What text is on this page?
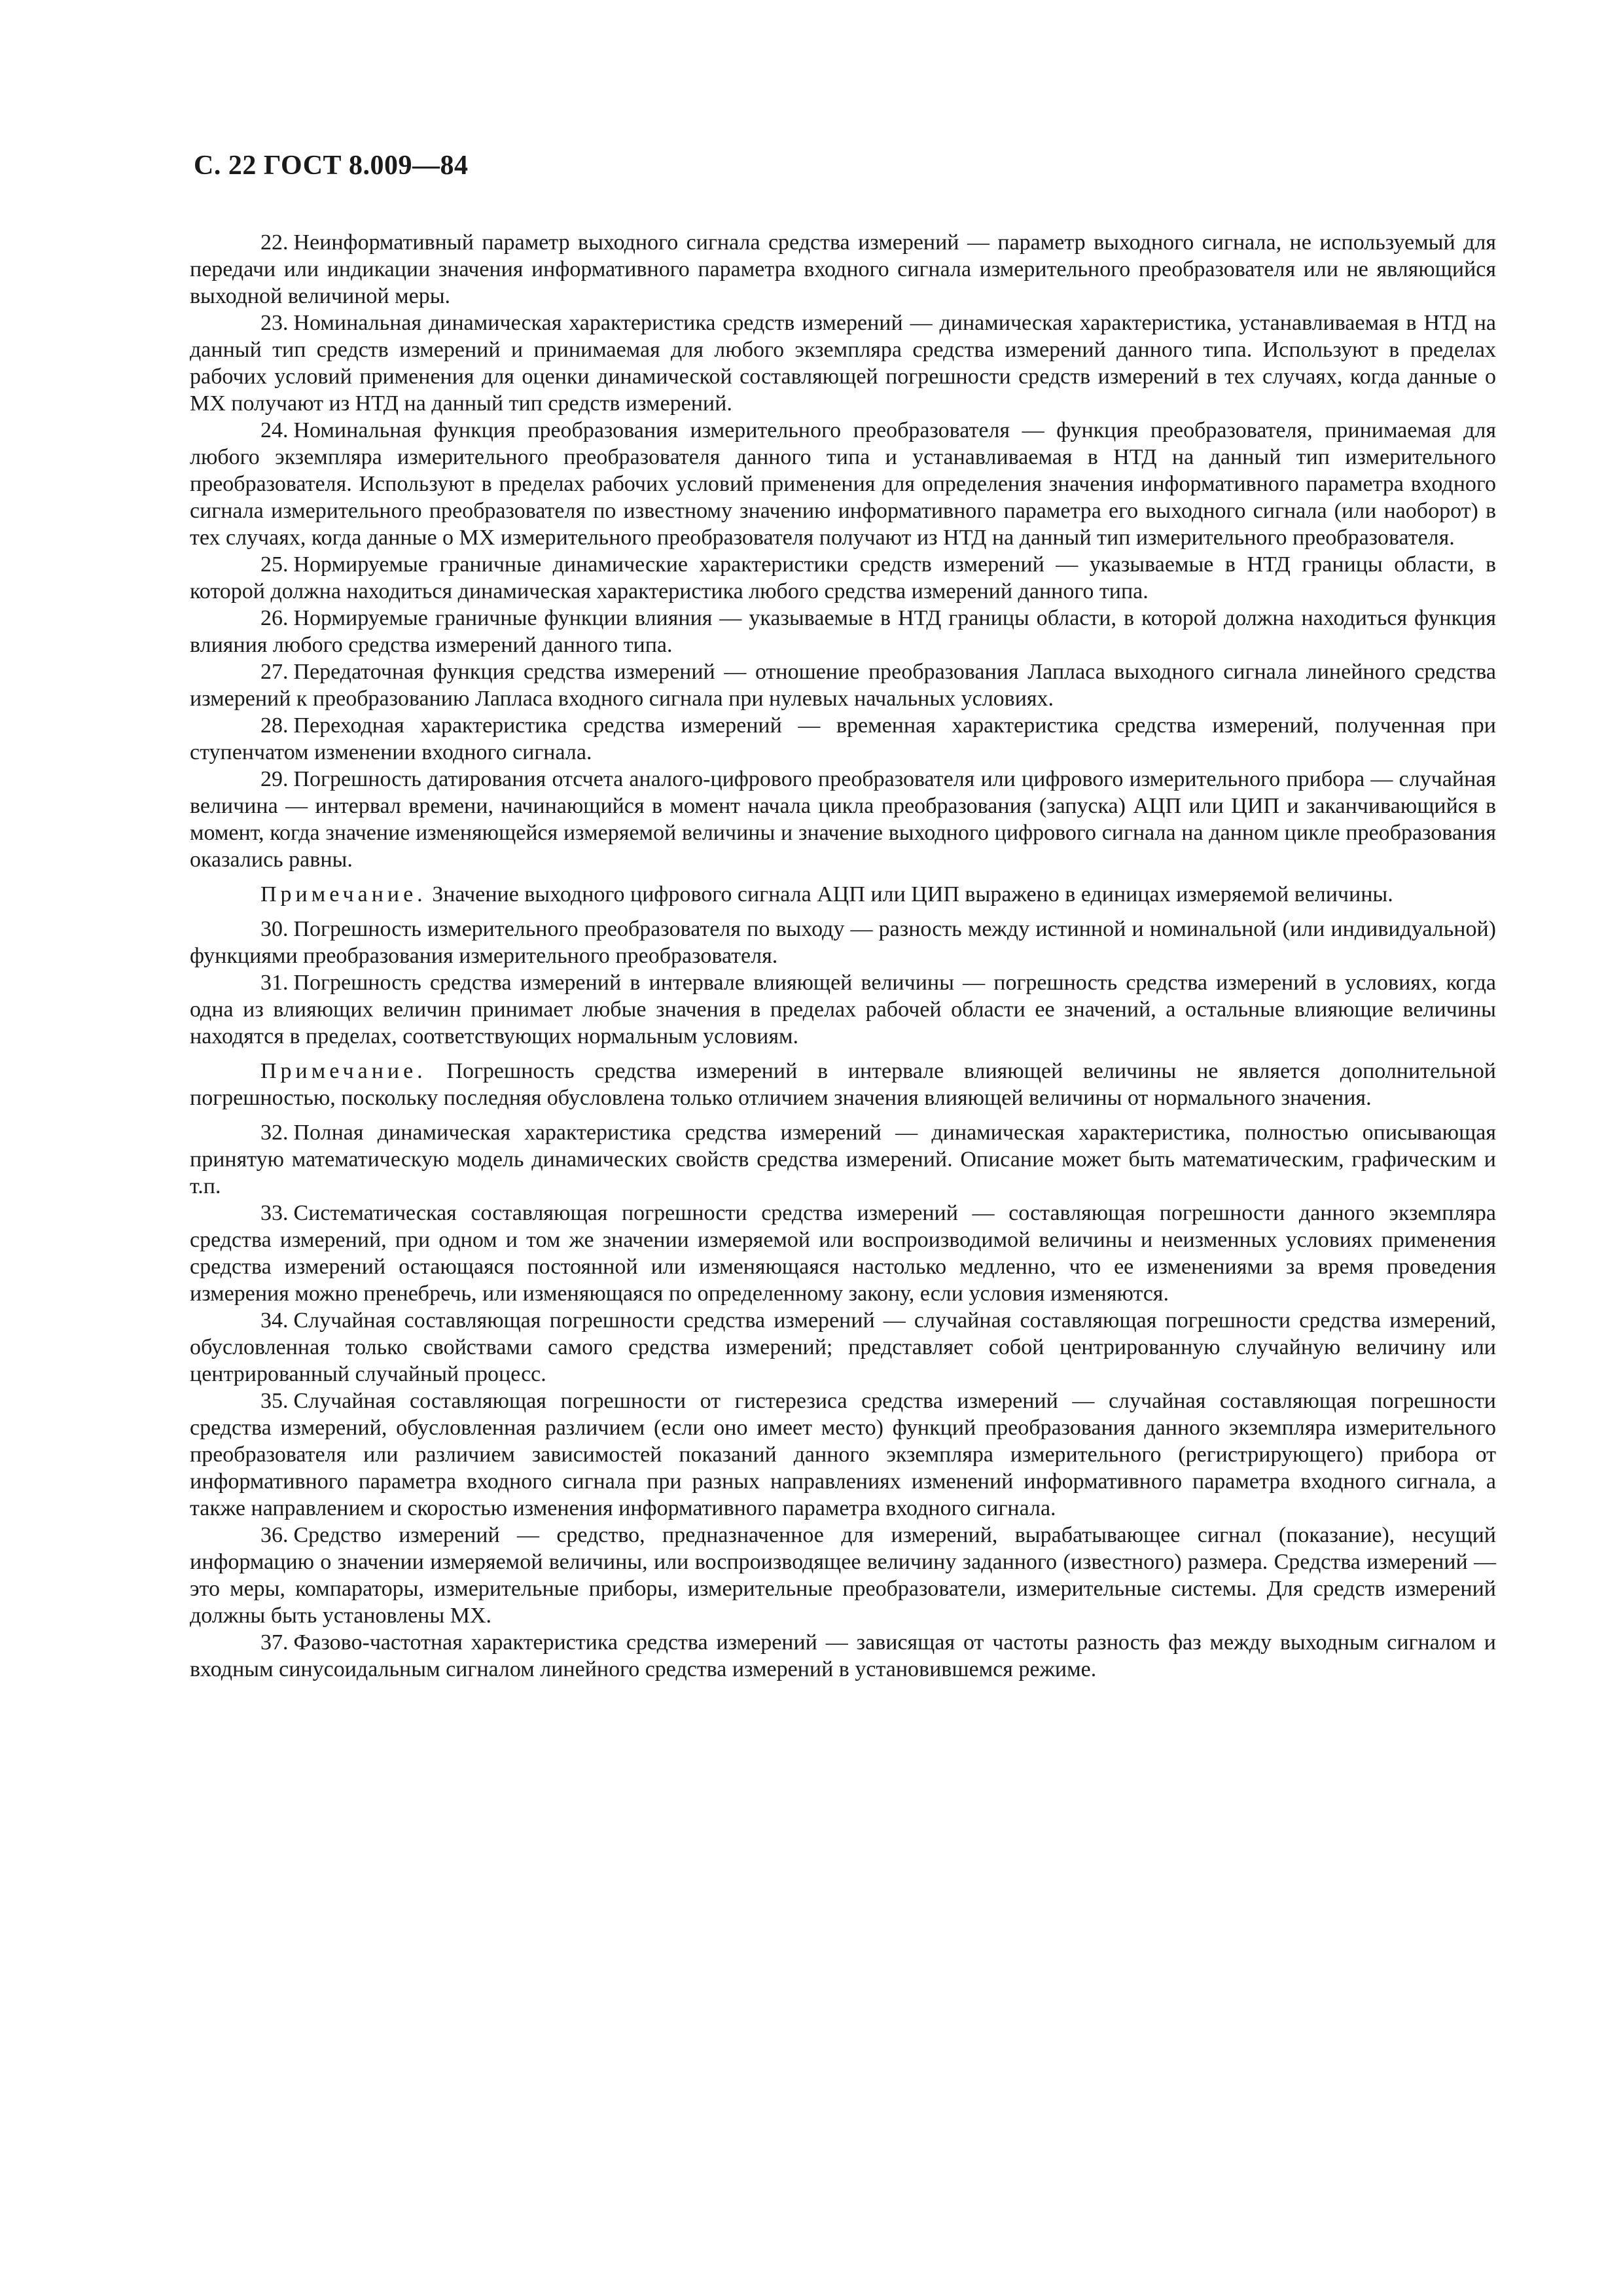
С. 22 ГОСТ 8.009—84

22. Неинформативный параметр выходного сигнала средства измерений — параметр выходного сигнала, не используемый для передачи или индикации значения информативного параметра входного сигнала измерительного преобразователя или не являющийся выходной величиной меры.

23. Номинальная динамическая характеристика средств измерений — динамическая характеристика, устанавливаемая в НТД на данный тип средств измерений и принимаемая для любого экземпляра средства измерений данного типа. Используют в пределах рабочих условий применения для оценки динамической составляющей погрешности средств измерений в тех случаях, когда данные о МХ получают из НТД на данный тип средств измерений.

24. Номинальная функция преобразования измерительного преобразователя — функция преобразователя, принимаемая для любого экземпляра измерительного преобразователя данного типа и устанавливаемая в НТД на данный тип измерительного преобразователя. Используют в пределах рабочих условий применения для определения значения информативного параметра входного сигнала измерительного преобразователя по известному значению информативного параметра его выходного сигнала (или наоборот) в тех случаях, когда данные о МХ измерительного преобразователя получают из НТД на данный тип измерительного преобразователя.

25. Нормируемые граничные динамические характеристики средств измерений — указываемые в НТД границы области, в которой должна находиться динамическая характеристика любого средства измерений данного типа.

26. Нормируемые граничные функции влияния — указываемые в НТД границы области, в которой должна находиться функция влияния любого средства измерений данного типа.

27. Передаточная функция средства измерений — отношение преобразования Лапласа выходного сигнала линейного средства измерений к преобразованию Лапласа входного сигнала при нулевых начальных условиях.

28. Переходная характеристика средства измерений — временная характеристика средства измерений, полученная при ступенчатом изменении входного сигнала.

29. Погрешность датирования отсчета аналого-цифрового преобразователя или цифрового измерительного прибора — случайная величина — интервал времени, начинающийся в момент начала цикла преобразования (запуска) АЦП или ЦИП и заканчивающийся в момент, когда значение изменяющейся измеряемой величины и значение выходного цифрового сигнала на данном цикле преобразования оказались равны.

Примечание. Значение выходного цифрового сигнала АЦП или ЦИП выражено в единицах измеряемой величины.

30. Погрешность измерительного преобразователя по выходу — разность между истинной и номинальной (или индивидуальной) функциями преобразования измерительного преобразователя.

31. Погрешность средства измерений в интервале влияющей величины — погрешность средства измерений в условиях, когда одна из влияющих величин принимает любые значения в пределах рабочей области ее значений, а остальные влияющие величины находятся в пределах, соответствующих нормальным условиям.

Примечание. Погрешность средства измерений в интервале влияющей величины не является дополнительной погрешностью, поскольку последняя обусловлена только отличием значения влияющей величины от нормального значения.

32. Полная динамическая характеристика средства измерений — динамическая характеристика, полностью описывающая принятую математическую модель динамических свойств средства измерений. Описание может быть математическим, графическим и т.п.

33. Систематическая составляющая погрешности средства измерений — составляющая погрешности данного экземпляра средства измерений, при одном и том же значении измеряемой или воспроизводимой величины и неизменных условиях применения средства измерений остающаяся постоянной или изменяющаяся настолько медленно, что ее изменениями за время проведения измерения можно пренебречь, или изменяющаяся по определенному закону, если условия изменяются.

34. Случайная составляющая погрешности средства измерений — случайная составляющая погрешности средства измерений, обусловленная только свойствами самого средства измерений; представляет собой центрированную случайную величину или центрированный случайный процесс.

35. Случайная составляющая погрешности от гистерезиса средства измерений — случайная составляющая погрешности средства измерений, обусловленная различием (если оно имеет место) функций преобразования данного экземпляра измерительного преобразователя или различием зависимостей показаний данного экземпляра измерительного (регистрирующего) прибора от информативного параметра входного сигнала при разных направлениях изменений информативного параметра входного сигнала, а также направлением и скоростью изменения информативного параметра входного сигнала.

36. Средство измерений — средство, предназначенное для измерений, вырабатывающее сигнал (показание), несущий информацию о значении измеряемой величины, или воспроизводящее величину заданного (известного) размера. Средства измерений — это меры, компараторы, измерительные приборы, измерительные преобразователи, измерительные системы. Для средств измерений должны быть установлены МХ.

37. Фазово-частотная характеристика средства измерений — зависящая от частоты разность фаз между выходным сигналом и входным синусоидальным сигналом линейного средства измерений в установившемся режиме.
